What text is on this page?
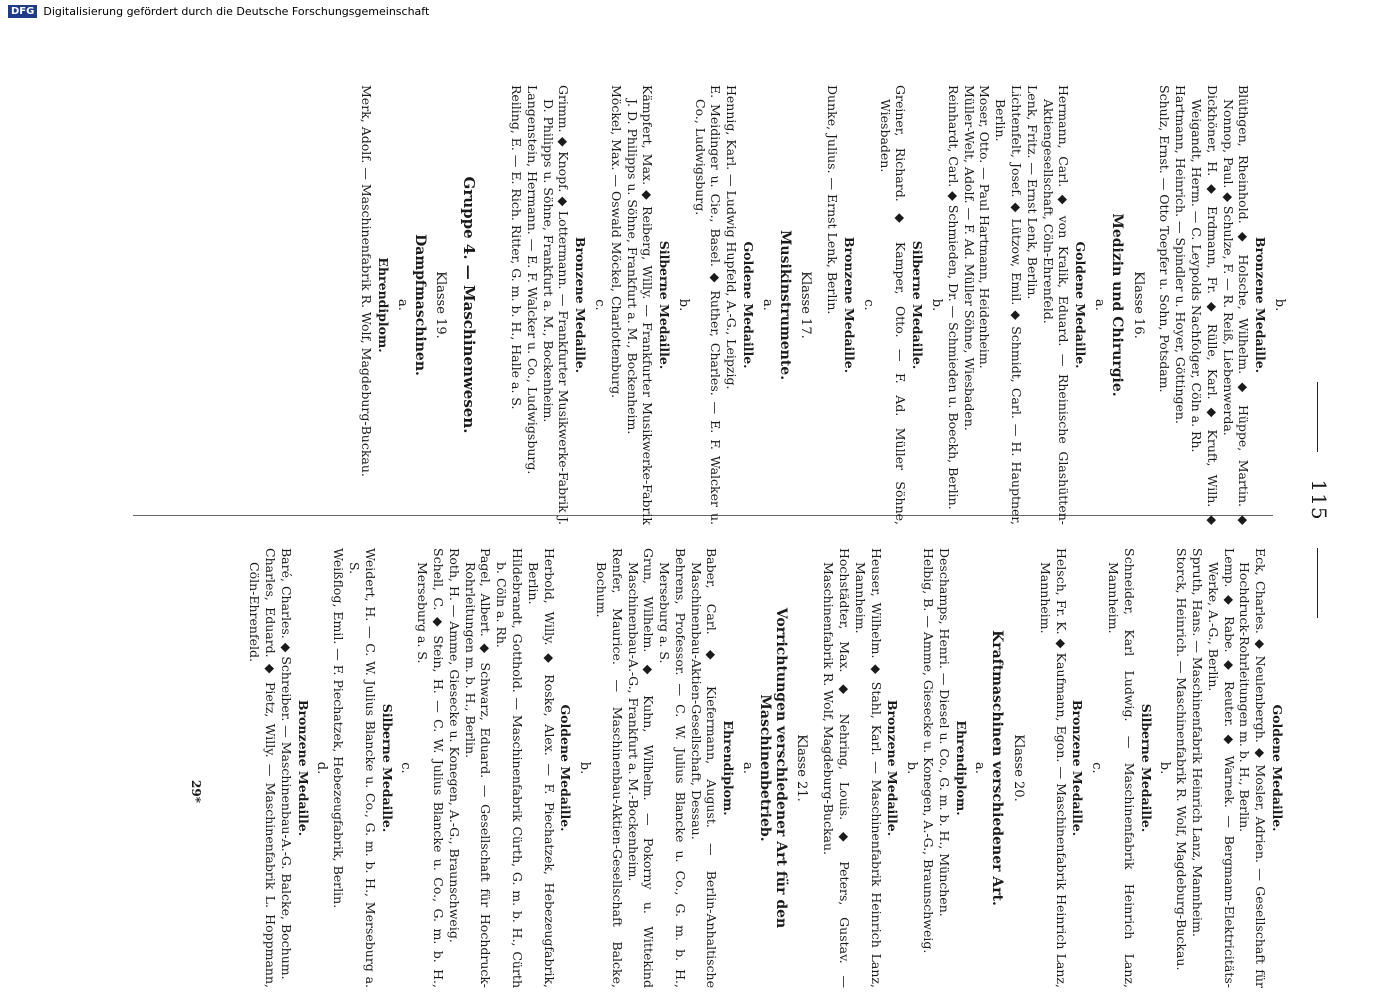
115
b.
Bronzene Medaille.
Blüthgen, Rheinhold. ◆ Holsche, Wilhelm. ◆ Hüppe, Martin. ◆ Nonnop, Paul. ◆ Schulze, F. — R. Reiß, Liebenwerda.
Dickhöner, H. ◆ Erdmann, Fr. ◆ Rülle, Karl. ◆ Kruft, Wilh. ◆ Weigandt, Herm. — C. Leypolds Nachfolger, Cöln a. Rh.
Hartmann, Heinrich. — Spindler u. Hoyer, Göttingen.
Schulz, Ernst. — Otto Toepfer u. Sohn, Potsdam.
Klasse 16.
Medizin und Chirurgie.
a.
Goldene Medaille.
Hermann, Carl. ◆ von Kralik, Eduard. — Rheinische Glashütten-Aktiengesellschaft, Cöln-Ehrenfeld.
Lenk, Fritz. — Ernst Lenk, Berlin.
Lichtenfelt, Josef. ◆ Lützow, Emil. ◆ Schmidt, Carl. — H. Hauptner, Berlin.
Moser, Otto. — Paul Hartmann, Heidenheim.
Müller-Welt, Adolf. — F. Ad. Müller Söhne, Wiesbaden.
Reinhardt, Carl. ◆ Schmieden, Dr. — Schmieden u. Boeckh, Berlin.
b.
Silberne Medaille.
Greiner, Richard. ◆ Kamper, Otto. — F. Ad. Müller Söhne, Wiesbaden.
c.
Bronzene Medaille.
Dunke, Julius. — Ernst Lenk, Berlin.
Klasse 17.
Musikinstrumente.
a.
Goldene Medaille.
Hennig, Karl. — Ludwig Hupfeld, A.-G., Leipzig.
E. Meidinger u. Cie., Basel. ◆ Ruther, Charles. — E. F. Walcker u. Co., Ludwigsburg.
b.
Silberne Medaille.
Kämpfert, Max. ◆ Reiberg, Willy. — Frankfurter Musikwerke-Fabrik J. D. Philipps u. Söhne, Frankfurt a. M., Bockenheim.
Möckel, Max. — Oswald Möckel, Charlottenburg.
c.
Bronzene Medaille.
Grimm. ◆ Knopf. ◆ Lottermann. — Frankfurter Musikwerke-Fabrik J. D. Philipps u. Söhne, Frankfurt a. M., Bockenheim.
Langenstein, Hermann. — E. F. Walcker u. Co., Ludwigsburg.
Reiling, E. — E. Rich. Ritter, G. m. b. H., Halle a. S.
Gruppe 4. — Maschinenwesen.
Klasse 19.
Dampfmaschinen.
a.
Ehrendiplom.
Merk, Adolf. — Maschinenfabrik R. Wolf, Magdeburg-Buckau.
Goldene Medaille.
Eck, Charles. ◆ Neulenbergh. ◆ Mosler, Adrien. — Gesellschaft für Hochdruck-Rohrleitungen m. b. H., Berlin.
Lemp. ◆ Rabe. ◆ Reuter. ◆ Warnek. — Bergmann-Elektricitäts-Werke, A.-G., Berlin.
Spruth, Hans. — Maschinenfabrik Heinrich Lanz, Mannheim.
Storck, Heinrich. — Maschinenfabrik R. Wolf, Magdeburg-Buckau.
b.
Silberne Medaille.
Schneider, Karl Ludwig. — Maschinenfabrik Heinrich Lanz, Mannheim.
c.
Bronzene Medaille.
Helsch, Fr. K. ◆ Kaufmann, Egon. — Maschinenfabrik Heinrich Lanz, Mannheim.
Klasse 20.
Kraftmaschinen verschiedener Art.
a.
Ehrendiplom.
Deschamps, Henri. — Diesel u. Co., G. m. b. H., München.
Helbig, B. — Amme, Giesecke u. Konegen, A.-G., Braunschweig.
b.
Bronzene Medaille.
Heuser, Wilhelm. ◆ Stahl, Karl. — Maschinenfabrik Heinrich Lanz, Mannheim.
Hochstädter, Max. ◆ Nehring, Louis. ◆ Peters, Gustav. — Maschinenfabrik R. Wolf, Magdeburg-Buckau.
Klasse 21.
Vorrichtungen verschiedener Art für den Maschinenbetrieb.
a.
Ehrendiplom.
Baber, Carl. ◆ Kiefermann, August. — Berlin-Anhaltische Maschinenbau-Aktien-Gesellschaft, Dessau.
Behrens, Professor. — C. W. Julius Blancke u. Co., G. m. b. H., Merseburg a. S.
Grun, Wilhelm. ◆ Kuhn, Wilhelm. — Pokorny u. Wittekind Maschinenbau-A.-G., Frankfurt a. M.-Bockenheim.
Renfer, Maurice. — Maschinenbau-Aktien-Gesellschaft Balcke, Bochum.
b.
Goldene Medaille.
Herbold, Willy. ◆ Roske, Alex. — F. Piechatzek, Hebezeugfabrik, Berlin.
Hildebrandt, Gotthold. — Maschinenfabrik Cürth, G. m. b. H., Cürth b. Cöln a. Rh.
Pagel, Albert. ◆ Schwarz, Eduard. — Gesellschaft für Hochdruck-Rohrleitungen m. b. H., Berlin.
Roth, H. — Amme, Giesecke u. Konegen, A.-G., Braunschweig.
Schell, C. ◆ Stein, H. — C. W. Julius Blancke u. Co., G. m. b. H., Merseburg a. S.
c.
Silberne Medaille.
Weidert, H. — C. W. Julius Blancke u. Co., G. m. b. H., Merseburg a. S.
Weißflog, Emil. — F. Piechatzek, Hebezeugfabrik, Berlin.
d.
Bronzene Medaille.
Baré, Charles. ◆ Schreiber. — Maschinenbau-A.-G. Balcke, Bochum.
Charles, Eduard. ◆ Pietz, Willy. — Maschinenfabrik L. Hoppmann, Cöln-Ehrenfeld.
29*
DFG Digitalisierung gefördert durch die Deutsche Forschungsgemeinschaft
